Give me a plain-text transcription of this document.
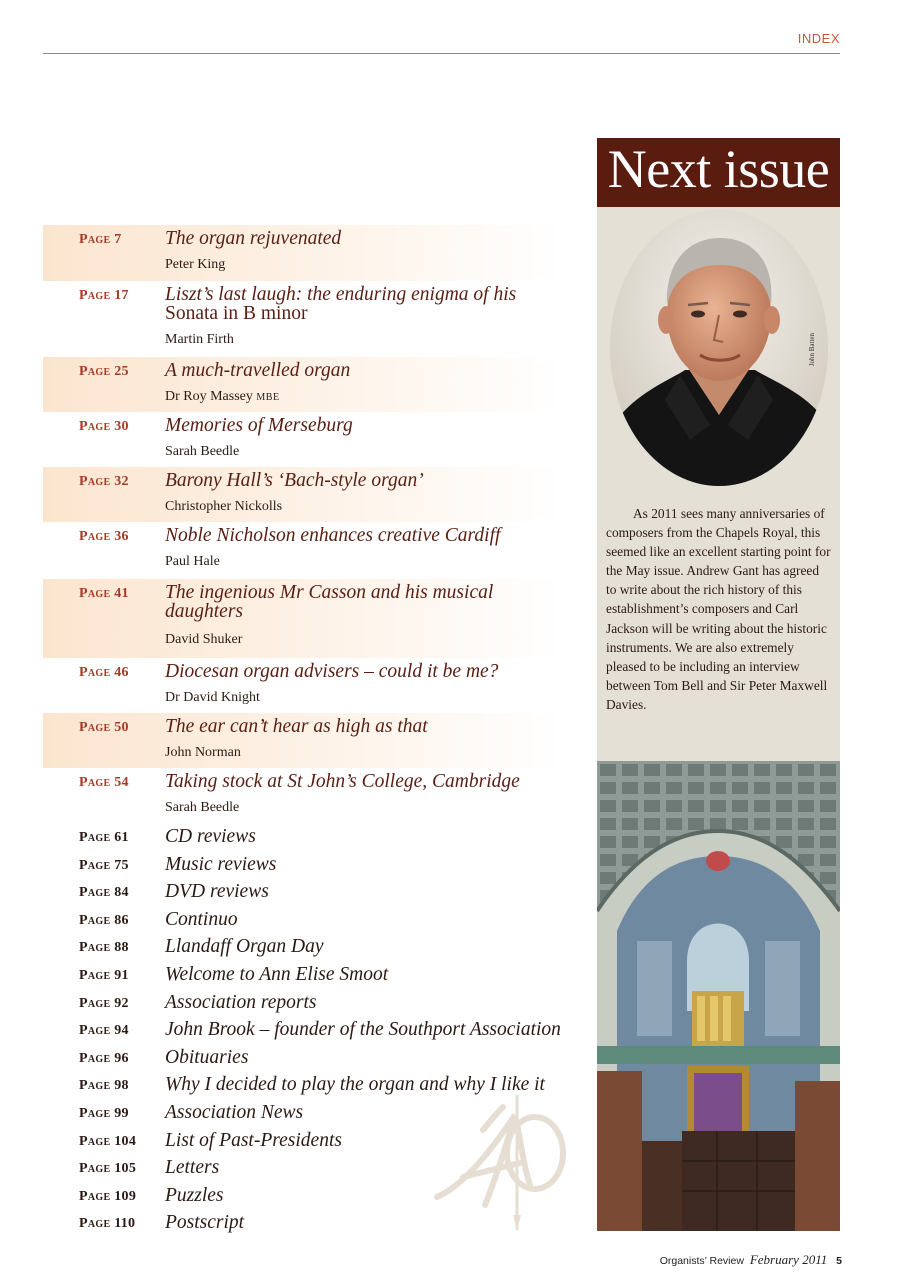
INDEX
Page 7	The organ rejuvenated
Peter King
Page 17	Liszt’s last laugh: the enduring enigma of his
Sonata in B minor
Martin Firth
Page 25	A much-travelled organ
Dr Roy Massey MBE
Page 30	Memories of Merseburg
Sarah Beedle
Page 32	Barony Hall’s ‘Bach-style organ’
Christopher Nickolls
Page 36	Noble Nicholson enhances creative Cardiff
Paul Hale
Page 41	The ingenious Mr Casson and his musical daughters
David Shuker
Page 46	Diocesan organ advisers – could it be me?
Dr David Knight
Page 50	The ear can’t hear as high as that
John Norman
Page 54	Taking stock at St John’s College, Cambridge
Sarah Beedle
Page 61	CD reviews
Page 75	Music reviews
Page 84	DVD reviews
Page 86	Continuo
Page 88	Llandaff Organ Day
Page 91	Welcome to Ann Elise Smoot
Page 92	Association reports
Page 94	John Brook – founder of the Southport Association
Page 96	Obituaries
Page 98	Why I decided to play the organ and why I like it
Page 99	Association News
Page 104	List of Past-Presidents
Page 105	Letters
Page 109	Puzzles
Page 110	Postscript
Next issue
John Batten

As 2011 sees many anniversaries of composers from the Chapels Royal, this seemed like an excellent starting point for the May issue. Andrew Gant has agreed to write about the rich history of this establishment’s composers and Carl Jackson will be writing about the historic instruments. We are also extremely pleased to be including an interview between Tom Bell and Sir Peter Maxwell Davies.

Organists’ Review February 2011 5
